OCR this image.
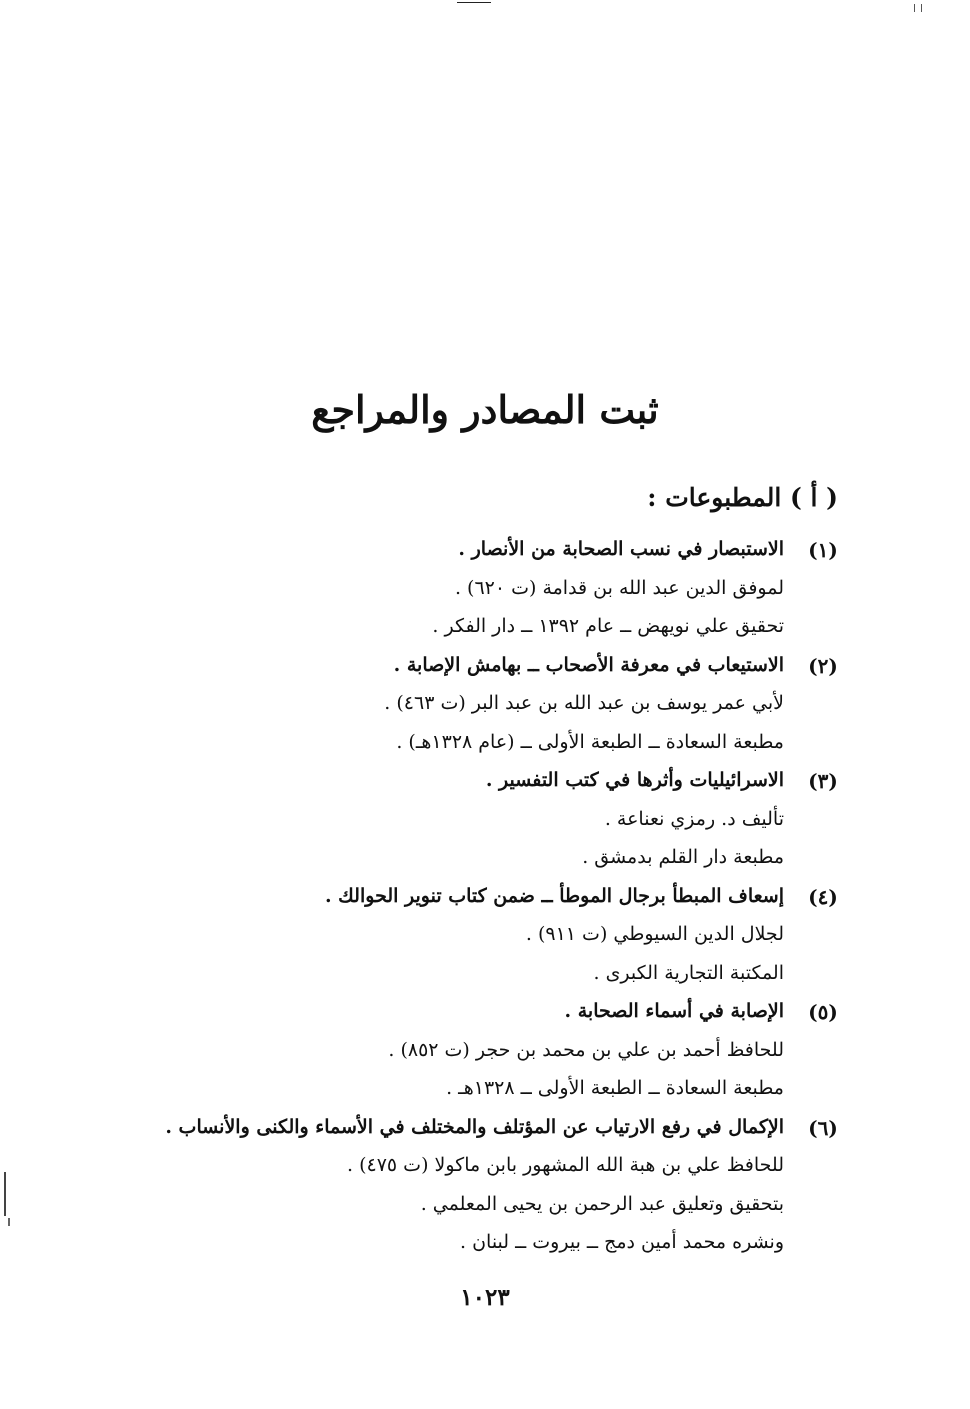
ثبت المصادر والمراجع
( أ ) المطبوعات :
(١)
الاستبصار في نسب الصحابة من الأنصار .
لموفق الدين عبد الله بن قدامة (ت ٦٢٠) .
تحقيق علي نويهض ــ عام ١٣٩٢ ــ دار الفكر .
(٢)
الاستيعاب في معرفة الأصحاب ــ بهامش الإصابة .
لأبي عمر يوسف بن عبد الله بن عبد البر (ت ٤٦٣) .
مطبعة السعادة ــ الطبعة الأولى ــ (عام ١٣٢٨هـ) .
(٣)
الاسرائيليات وأثرها في كتب التفسير .
تأليف د. رمزي نعناعة .
مطبعة دار القلم بدمشق .
(٤)
إسعاف المبطأ برجال الموطأ ــ ضمن كتاب تنوير الحوالك .
لجلال الدين السيوطي (ت ٩١١) .
المكتبة التجارية الكبرى .
(٥)
الإصابة في أسماء الصحابة .
للحافظ أحمد بن علي بن محمد بن حجر (ت ٨٥٢) .
مطبعة السعادة ــ الطبعة الأولى ــ ١٣٢٨هـ .
(٦)
الإكمال في رفع الارتياب عن المؤتلف والمختلف في الأسماء والكنى والأنساب .
للحافظ علي بن هبة الله المشهور بابن ماكولا (ت ٤٧٥) .
بتحقيق وتعليق عبد الرحمن بن يحيى المعلمي .
ونشره محمد أمين دمج ــ بيروت ــ لبنان .
١٠٢٣
